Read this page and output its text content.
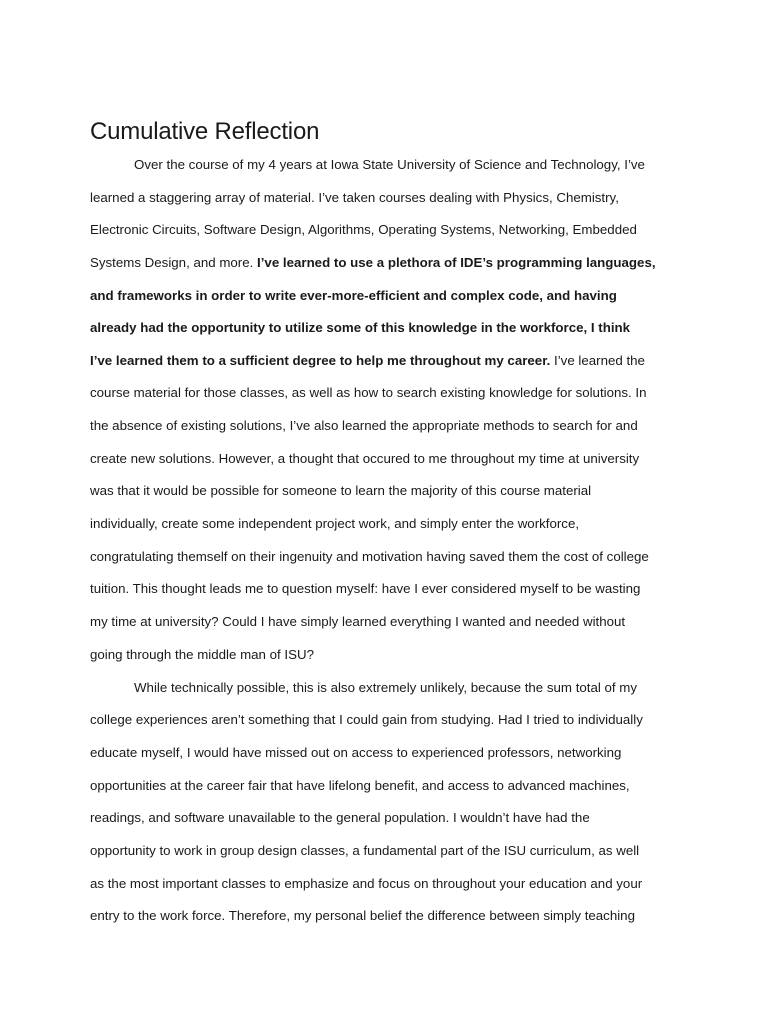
Cumulative Reflection
Over the course of my 4 years at Iowa State University of Science and Technology, I’ve
learned a staggering array of material. I’ve taken courses dealing with Physics, Chemistry,
Electronic Circuits, Software Design, Algorithms, Operating Systems, Networking, Embedded
Systems Design, and more. I’ve learned to use a plethora of IDE’s programming languages,
and frameworks in order to write ever-more-efficient and complex code, and having
already had the opportunity to utilize some of this knowledge in the workforce, I think
I’ve learned them to a sufficient degree to help me throughout my career. I’ve learned the
course material for those classes, as well as how to search existing knowledge for solutions. In
the absence of existing solutions, I’ve also learned the appropriate methods to search for and
create new solutions. However, a thought that occured to me throughout my time at university
was that it would be possible for someone to learn the majority of this course material
individually, create some independent project work, and simply enter the workforce,
congratulating themself on their ingenuity and motivation having saved them the cost of college
tuition. This thought leads me to question myself: have I ever considered myself to be wasting
my time at university? Could I have simply learned everything I wanted and needed without
going through the middle man of ISU?
While technically possible, this is also extremely unlikely, because the sum total of my
college experiences aren’t something that I could gain from studying. Had I tried to individually
educate myself, I would have missed out on access to experienced professors, networking
opportunities at the career fair that have lifelong benefit, and access to advanced machines,
readings, and software unavailable to the general population. I wouldn’t have had the
opportunity to work in group design classes, a fundamental part of the ISU curriculum, as well
as the most important classes to emphasize and focus on throughout your education and your
entry to the work force. Therefore, my personal belief the difference between simply teaching
